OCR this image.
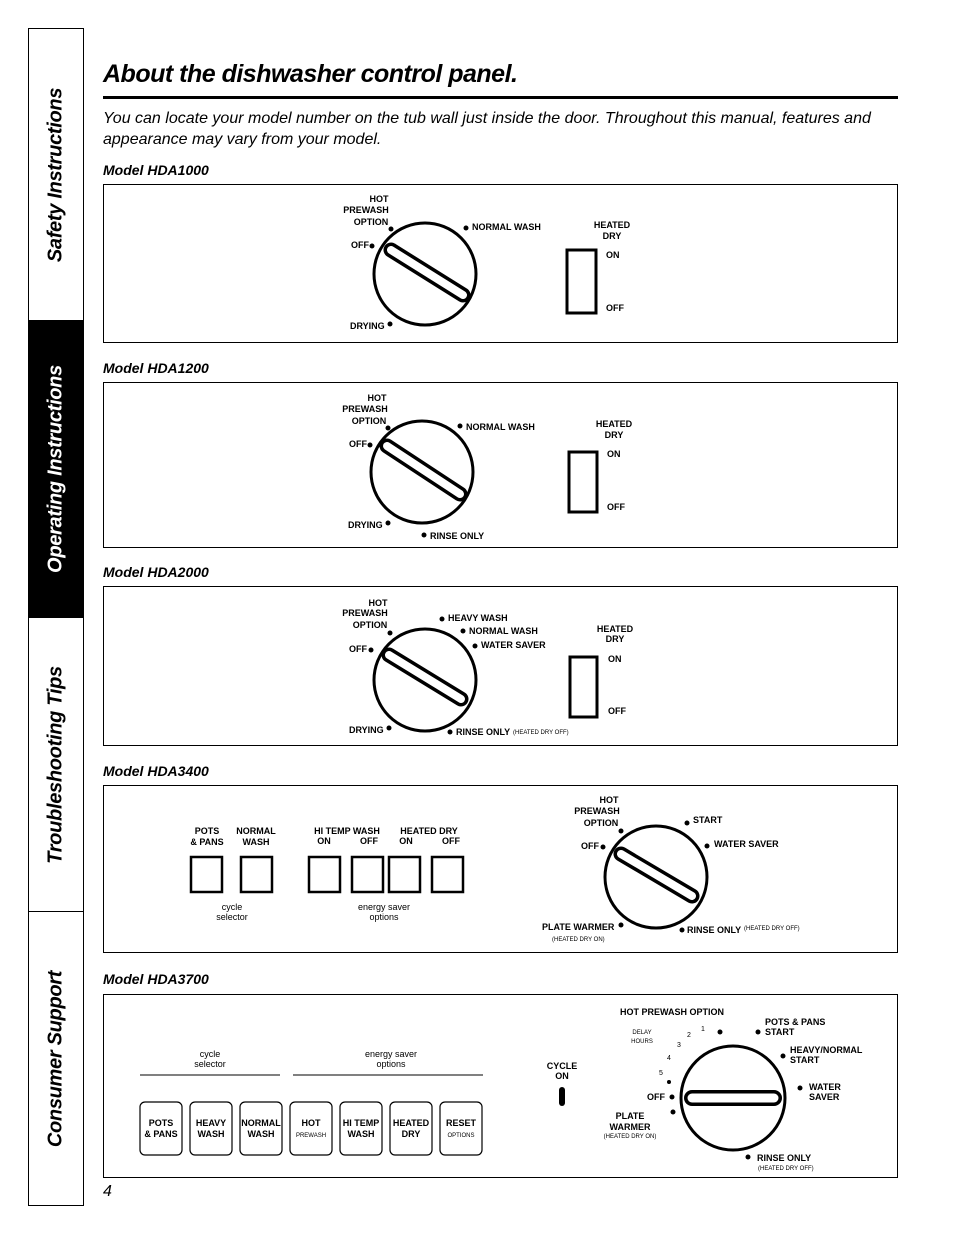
Safety Instructions
Operating Instructions
Troubleshooting Tips
Consumer Support
About the dishwasher control panel.
You can locate your model number on the tub wall just inside the door. Throughout this manual, features and appearance may vary from your model.
Model HDA1000
HOT
PREWASH
OPTION
OFF
NORMAL WASH
DRYING
HEATED
DRY
ON
OFF
Model HDA1200
HOT
PREWASH
OPTION
OFF
NORMAL WASH
DRYING
RINSE ONLY
HEATED
DRY
ON
OFF
Model HDA2000
HOT
PREWASH
OPTION
OFF
HEAVY WASH
NORMAL WASH
WATER SAVER
DRYING	RINSE ONLY (HEATED DRY OFF)
HEATED
DRY
ON
OFF
Model HDA3400
POTS
& PANS
NORMAL
WASH
HI TEMP WASH
ON	OFF
HEATED DRY
ON	OFF
cycle
selector
energy saver
options
HOT
PREWASH
OPTION
OFF
START
WATER SAVER
PLATE WARMER
(HEATED DRY ON)
RINSE ONLY (HEATED DRY OFF)
Model HDA3700
cycle
selector
energy saver
options
POTS
& PANS
HEAVY
WASH
NORMAL
WASH
HOT
PREWASH
HI TEMP
WASH
HEATED
DRY
RESET
OPTIONS
CYCLE
ON
HOT PREWASH OPTION
DELAY
HOURS
1
2
3
4
5
OFF
PLATE
WARMER
(HEATED DRY ON)
POTS & PANS
START
HEAVY/NORMAL
START
WATER
SAVER
RINSE ONLY
(HEATED DRY OFF)
4
